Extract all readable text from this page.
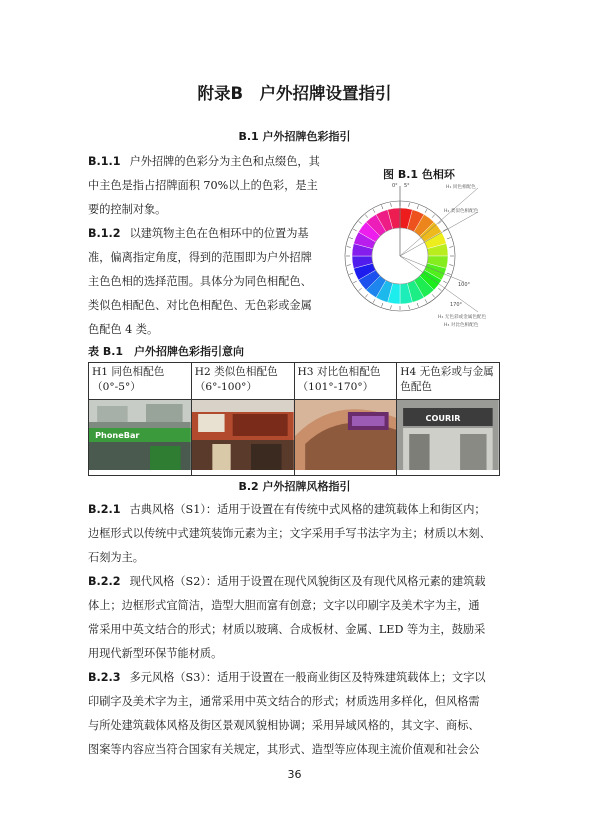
附录B　户外招牌设置指引
B.1 户外招牌色彩指引
B.1.1 户外招牌的色彩分为主色和点缀色，其
中主色是指占招牌面积 70%以上的色彩，是主
要的控制对象。
B.1.2 以建筑物主色在色相环中的位置为基
准，偏离指定角度，得到的范围即为户外招牌
主色色相的选择范围。具体分为同色相配色、
类似色相配色、对比色相配色、无色彩或金属
色配色 4 类。
图 B.1 色相环
0° 5°
100°
170°
H₁ 同色相配色
H₂ 类似色相配色
H₃ 对比色相配色
H₄ 无色彩或金属色配色
表 B.1　户外招牌色彩指引意向
H1 同色相配色（0°-5°）	H2 类似色相配色（6°-100°）	H3 对比色相配色（101°-170°）	H4 无色彩或与金属色配色

PhoneBar			COURIR
B.2 户外招牌风格指引
B.2.1 古典风格（S1）：适用于设置在有传统中式风格的建筑载体上和街区内；
边框形式以传统中式建筑装饰元素为主；文字采用手写书法字为主；材质以木刻、
石刻为主。
B.2.2 现代风格（S2）：适用于设置在现代风貌街区及有现代风格元素的建筑载
体上；边框形式宜简洁，造型大胆而富有创意；文字以印刷字及美术字为主，通
常采用中英文结合的形式；材质以玻璃、合成板材、金属、LED 等为主，鼓励采
用现代新型环保节能材质。
B.2.3 多元风格（S3）：适用于设置在一般商业街区及特殊建筑载体上；文字以
印刷字及美术字为主，通常采用中英文结合的形式；材质选用多样化，但风格需
与所处建筑载体风格及街区景观风貌相协调；采用异域风格的，其文字、商标、
图案等内容应当符合国家有关规定，其形式、造型等应体现主流价值观和社会公
36
